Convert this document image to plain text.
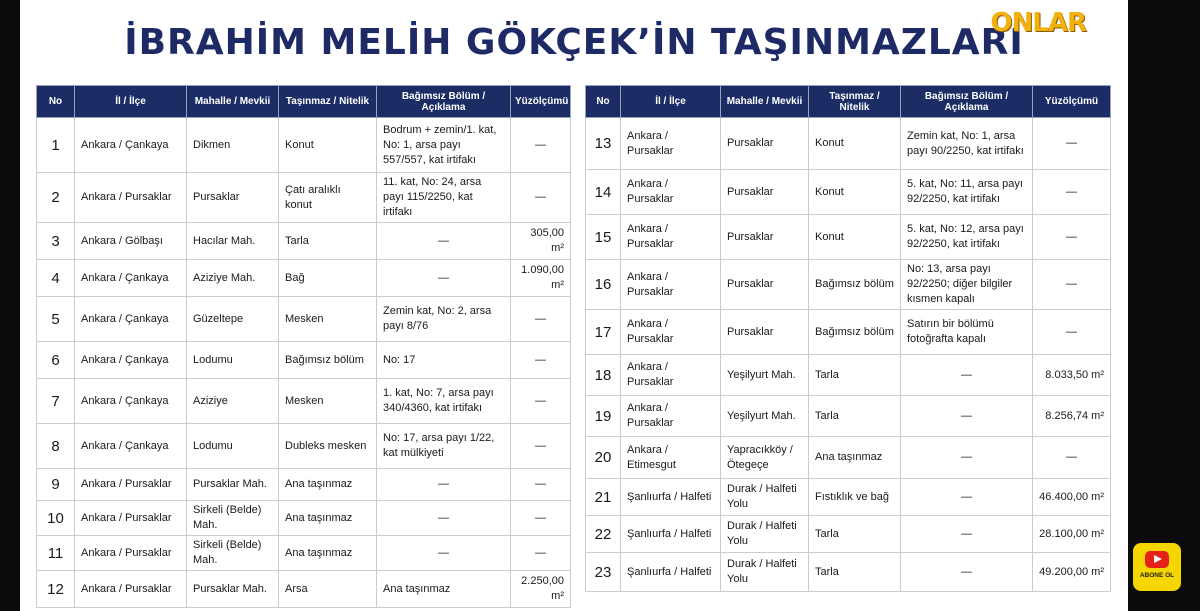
İBRAHİM MELİH GÖKÇEK’İN TAŞINMAZLARI
ONLAR
No	İl / İlçe	Mahalle / Mevkii	Taşınmaz / Nitelik	Bağımsız Bölüm / Açıklama	Yüzölçümü
1	Ankara / Çankaya	Dikmen	Konut	Bodrum + zemin/1. kat, No: 1, arsa payı 557/557, kat irtifakı	—
2	Ankara / Pursaklar	Pursaklar	Çatı aralıklı konut	11. kat, No: 24, arsa payı 115/2250, kat irtifakı	—
3	Ankara / Gölbaşı	Hacılar Mah.	Tarla	—	305,00 m²
4	Ankara / Çankaya	Aziziye Mah.	Bağ	—	1.090,00 m²
5	Ankara / Çankaya	Güzeltepe	Mesken	Zemin kat, No: 2, arsa payı 8/76	—
6	Ankara / Çankaya	Lodumu	Bağımsız bölüm	No: 17	—
7	Ankara / Çankaya	Aziziye	Mesken	1. kat, No: 7, arsa payı 340/4360, kat irtifakı	—
8	Ankara / Çankaya	Lodumu	Dubleks mesken	No: 17, arsa payı 1/22, kat mülkiyeti	—
9	Ankara / Pursaklar	Pursaklar Mah.	Ana taşınmaz	—	—
10	Ankara / Pursaklar	Sirkeli (Belde) Mah.	Ana taşınmaz	—	—
11	Ankara / Pursaklar	Sirkeli (Belde) Mah.	Ana taşınmaz	—	—
12	Ankara / Pursaklar	Pursaklar Mah.	Arsa	Ana taşınmaz	2.250,00 m²
No	İl / İlçe	Mahalle / Mevkii	Taşınmaz / Nitelik	Bağımsız Bölüm / Açıklama	Yüzölçümü
13	Ankara / Pursaklar	Pursaklar	Konut	Zemin kat, No: 1, arsa payı 90/2250, kat irtifakı	—
14	Ankara / Pursaklar	Pursaklar	Konut	5. kat, No: 11, arsa payı 92/2250, kat irtifakı	—
15	Ankara / Pursaklar	Pursaklar	Konut	5. kat, No: 12, arsa payı 92/2250, kat irtifakı	—
16	Ankara / Pursaklar	Pursaklar	Bağımsız bölüm	No: 13, arsa payı 92/2250; diğer bilgiler kısmen kapalı	—
17	Ankara / Pursaklar	Pursaklar	Bağımsız bölüm	Satırın bir bölümü fotoğrafta kapalı	—
18	Ankara / Pursaklar	Yeşilyurt Mah.	Tarla	—	8.033,50 m²
19	Ankara / Pursaklar	Yeşilyurt Mah.	Tarla	—	8.256,74 m²
20	Ankara / Etimesgut	Yapracıkköy / Ötegeçe	Ana taşınmaz	—	—
21	Şanlıurfa / Halfeti	Durak / Halfeti Yolu	Fıstıklık ve bağ	—	46.400,00 m²
22	Şanlıurfa / Halfeti	Durak / Halfeti Yolu	Tarla	—	28.100,00 m²
23	Şanlıurfa / Halfeti	Durak / Halfeti Yolu	Tarla	—	49.200,00 m²	ABONE OL
